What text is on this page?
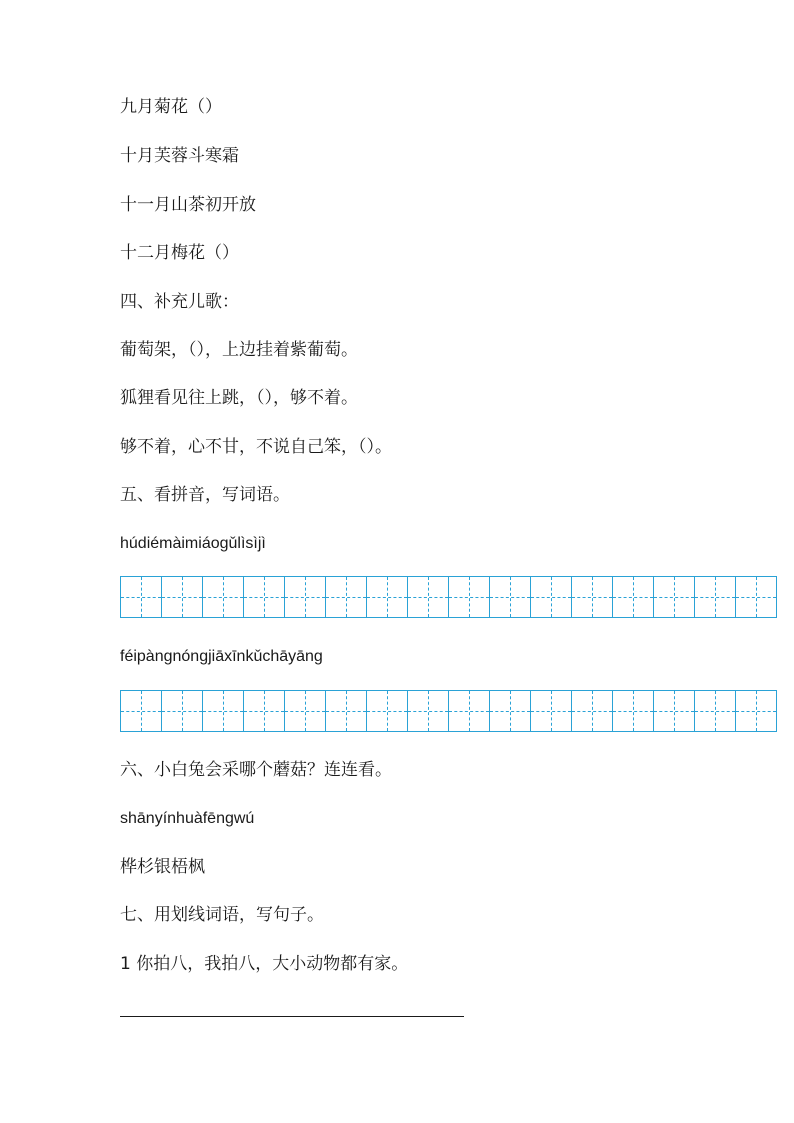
九月菊花（）
十月芙蓉斗寒霜
十一月山茶初开放
十二月梅花（）
四、补充儿歌：
葡萄架，（），上边挂着紫葡萄。
狐狸看见往上跳，（），够不着。
够不着，心不甘，不说自己笨，（）。
五、看拼音，写词语。
húdiémàimiáogǔlìsìjì
féipàngnóngjiāxīnkǔchāyāng
六、小白兔会采哪个蘑菇？连连看。
shānyínhuàfēngwú
桦杉银梧枫
七、用划线词语，写句子。
1 你拍八，我拍八，大小动物都有家。
